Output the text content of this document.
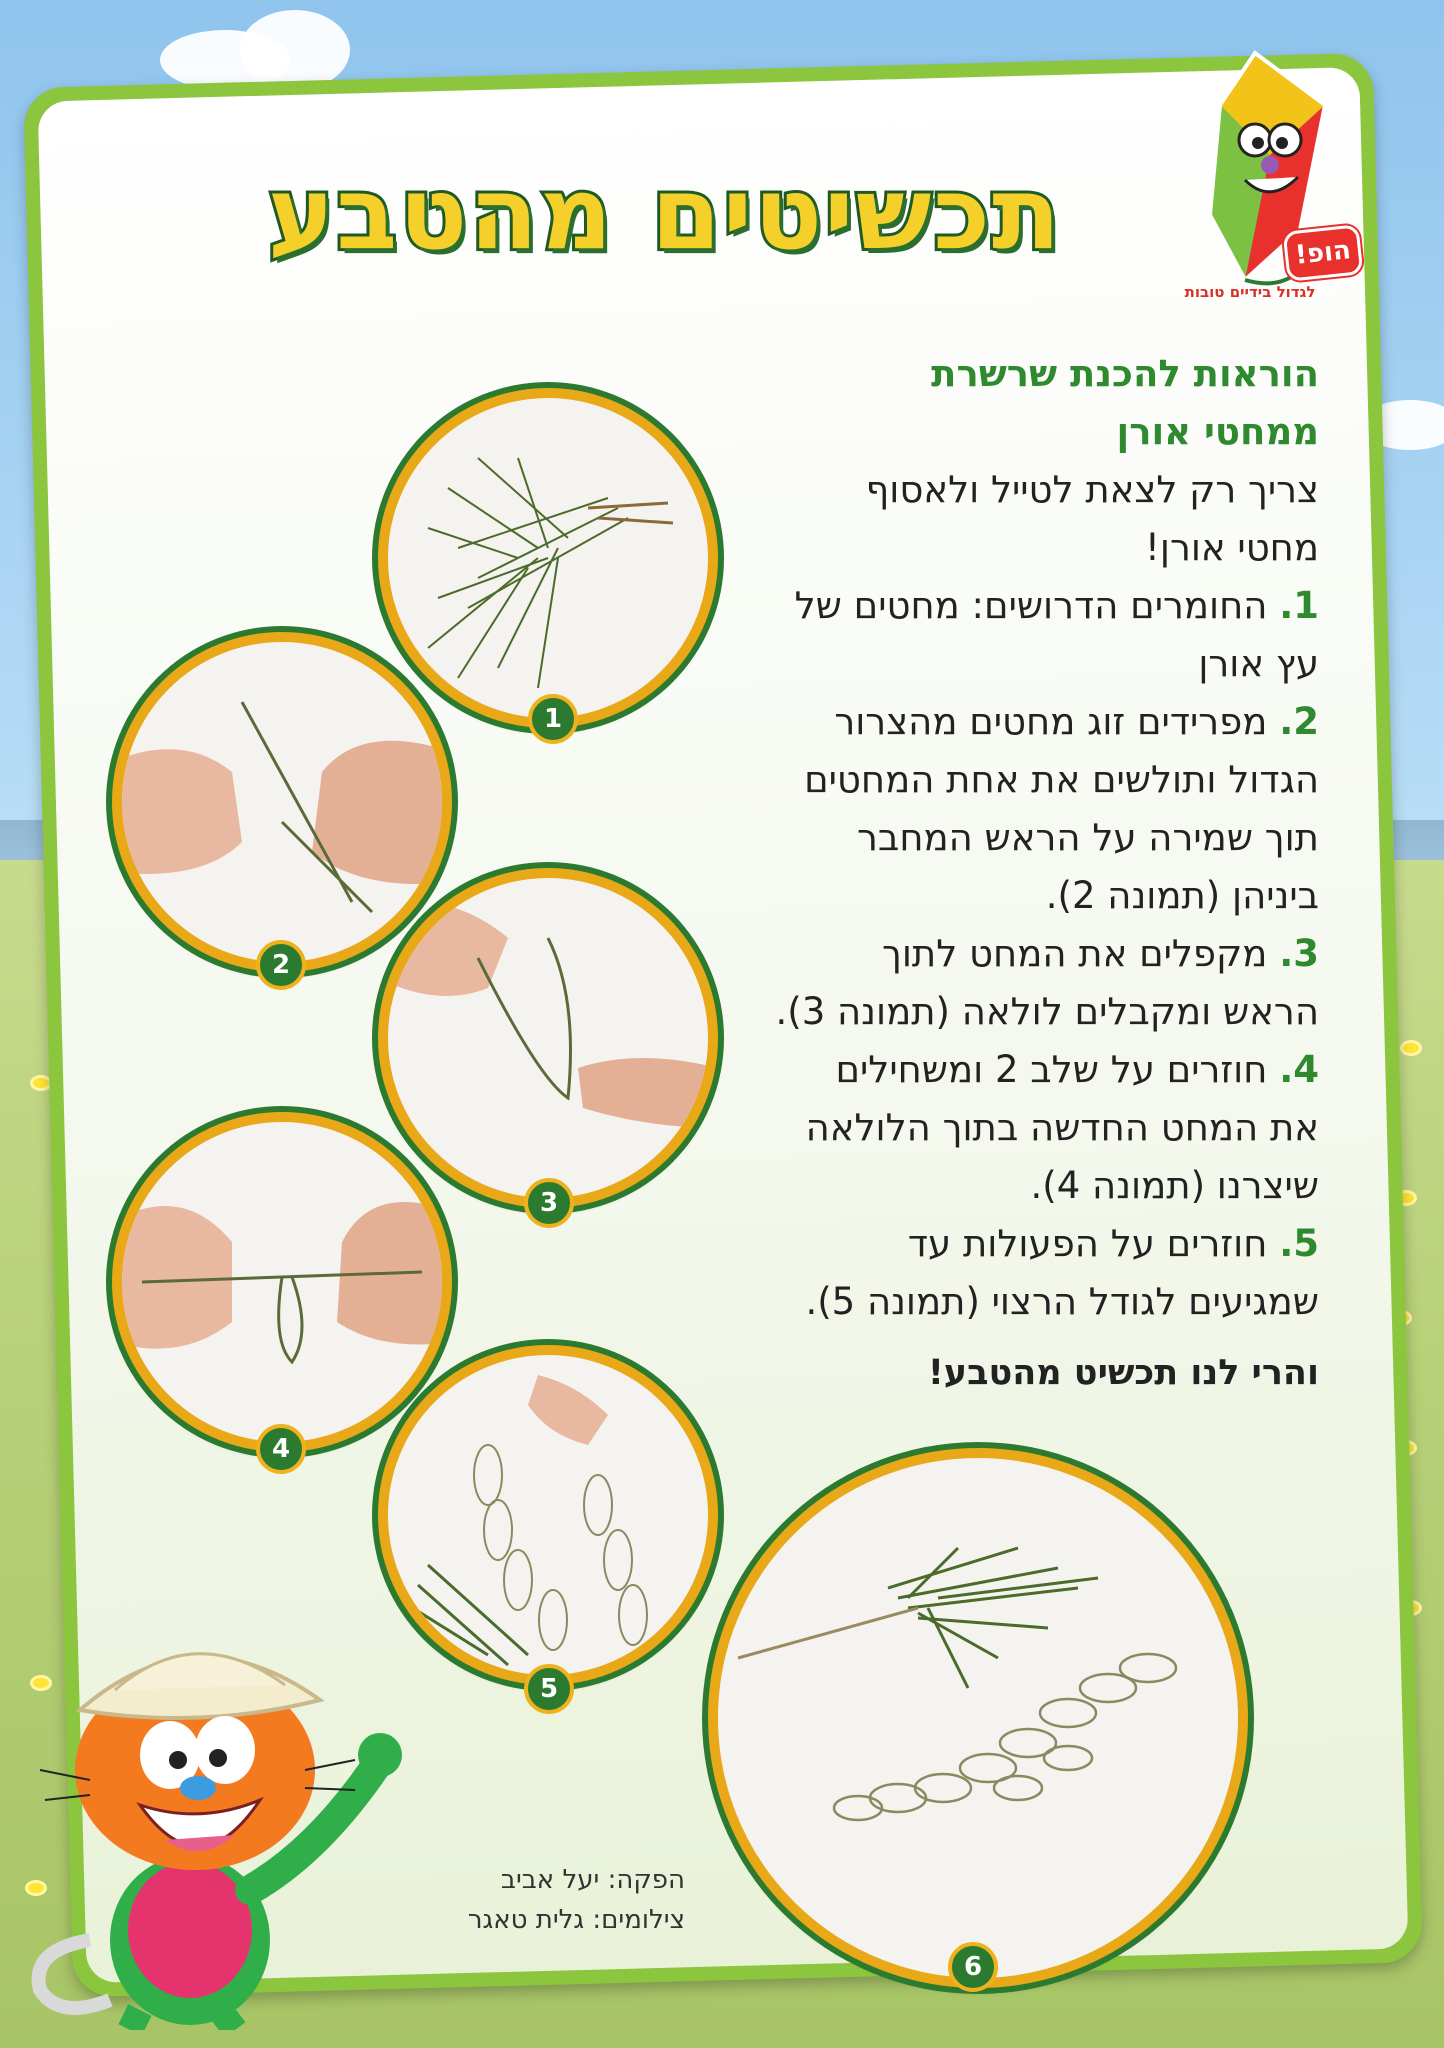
תכשיטים מהטבע	הופ!
לגדול בידיים טובות
הוראות להכנת שרשרת
ממחטי אורן
צריך רק לצאת לטייל ולאסוף
מחטי אורן!
1. החומרים הדרושים: מחטים של
עץ אורן
2. מפרידים זוג מחטים מהצרור
הגדול ותולשים את אחת המחטים
תוך שמירה על הראש המחבר
ביניהן (תמונה 2).
3. מקפלים את המחט לתוך
הראש ומקבלים לולאה (תמונה 3).
4. חוזרים על שלב 2 ומשחילים
את המחט החדשה בתוך הלולאה
שיצרנו (תמונה 4).
5. חוזרים על הפעולות עד
שמגיעים לגודל הרצוי (תמונה 5).
והרי לנו תכשיט מהטבע!
1
2
3
4
5
6
הפקה: יעל אביב
צילומים: גלית טאגר
